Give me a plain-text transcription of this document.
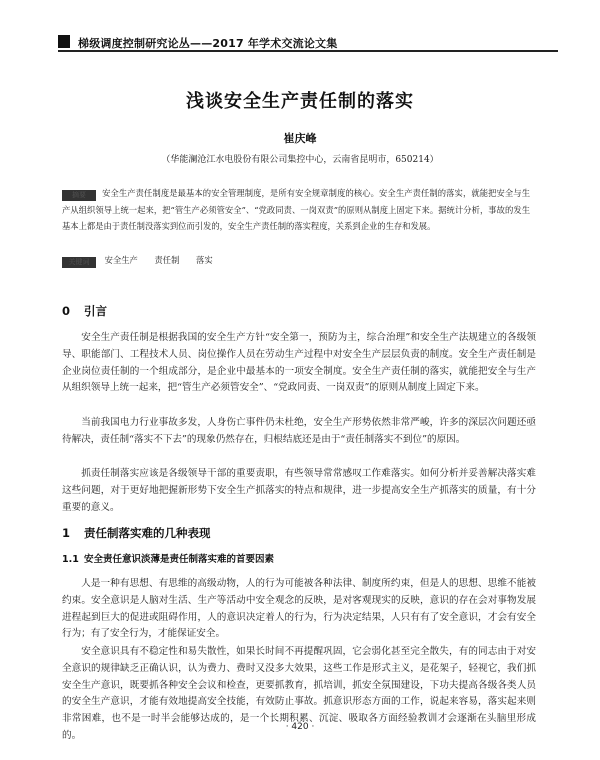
梯级调度控制研究论丛——2017 年学术交流论文集
浅谈安全生产责任制的落实
崔庆峰
（华能澜沧江水电股份有限公司集控中心，云南省昆明市，650214）
摘要 安全生产责任制度是最基本的安全管理制度，是所有安全规章制度的核心。安全生产责任制的落实，就能把安全与生产从组织领导上统一起来，把“管生产必须管安全”、“党政同责、一岗双责”的原则从制度上固定下来。据统计分析，事故的发生基本上都是由于责任制没落实到位而引发的，安全生产责任制的落实程度，关系到企业的生存和发展。
关键词 安全生产 责任制 落实
0 引言

安全生产责任制是根据我国的安全生产方针“安全第一，预防为主，综合治理”和安全生产法规建立的各级领导、职能部门、工程技术人员、岗位操作人员在劳动生产过程中对安全生产层层负责的制度。安全生产责任制是企业岗位责任制的一个组成部分，是企业中最基本的一项安全制度。安全生产责任制的落实，就能把安全与生产从组织领导上统一起来，把“管生产必须管安全”、“党政同责、一岗双责”的原则从制度上固定下来。

当前我国电力行业事故多发，人身伤亡事件仍未杜绝，安全生产形势依然非常严峻，许多的深层次问题还亟待解决，责任制“落实不下去”的现象仍然存在，归根结底还是由于“责任制落实不到位”的原因。

抓责任制落实应该是各级领导干部的重要责职，有些领导常常感叹工作难落实。如何分析并妥善解决落实难这些问题，对于更好地把握新形势下安全生产抓落实的特点和规律，进一步提高安全生产抓落实的质量，有十分重要的意义。

1 责任制落实难的几种表现
1.1 安全责任意识淡薄是责任制落实难的首要因素

人是一种有思想、有思维的高级动物，人的行为可能被各种法律、制度所约束，但是人的思想、思维不能被约束。安全意识是人脑对生活、生产等活动中安全观念的反映，是对客观现实的反映，意识的存在会对事物发展进程起到巨大的促进或阻碍作用，人的意识决定着人的行为，行为决定结果，人只有有了安全意识，才会有安全行为；有了安全行为，才能保证安全。

安全意识具有不稳定性和易失散性，如果长时间不再提醒巩固，它会弱化甚至完全散失，有的同志由于对安全意识的规律缺乏正确认识，认为费力、费时又没多大效果，这些工作是形式主义，是花架子，轻视它，我们抓安全生产意识，既要抓各种安全会议和检查，更要抓教育，抓培训，抓安全氛围建设，下功夫提高各级各类人员的安全生产意识，才能有效地提高安全技能，有效防止事故。抓意识形态方面的工作，说起来容易，落实起来则非常困难，也不是一时半会能够达成的，是一个长期积累、沉淀、吸取各方面经验教训才会逐渐在头脑里形成的。

· 420 ·
